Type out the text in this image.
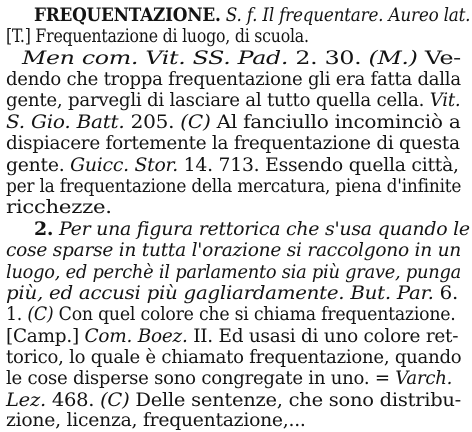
FREQUENTAZIONE. S. f. Il frequentare. Aureo lat.
[T.] Frequentazione di luogo, di scuola.
Men com. Vit. SS. Pad. 2. 30. (M.) Ve-
dendo che troppa frequentazione gli era fatta dalla
gente, parvegli di lasciare al tutto quella cella. Vit.
S. Gio. Batt. 205. (C) Al fanciullo incominciò a
dispiacere fortemente la frequentazione di questa
gente. Guicc. Stor. 14. 713. Essendo quella città,
per la frequentazione della mercatura, piena d'infinite
ricchezze.
2. Per una figura rettorica che s'usa quando le
cose sparse in tutta l'orazione si raccolgono in un
luogo, ed perchè il parlamento sia più grave, punga
più, ed accusi più gagliardamente. But. Par. 6.
1. (C) Con quel colore che si chiama frequentazione.
[Camp.] Com. Boez. II. Ed usasi di uno colore ret-
torico, lo quale è chiamato frequentazione, quando
le cose disperse sono congregate in uno. = Varch.
Lez. 468. (C) Delle sentenze, che sono distribu-
zione, licenza, frequentazione,...
